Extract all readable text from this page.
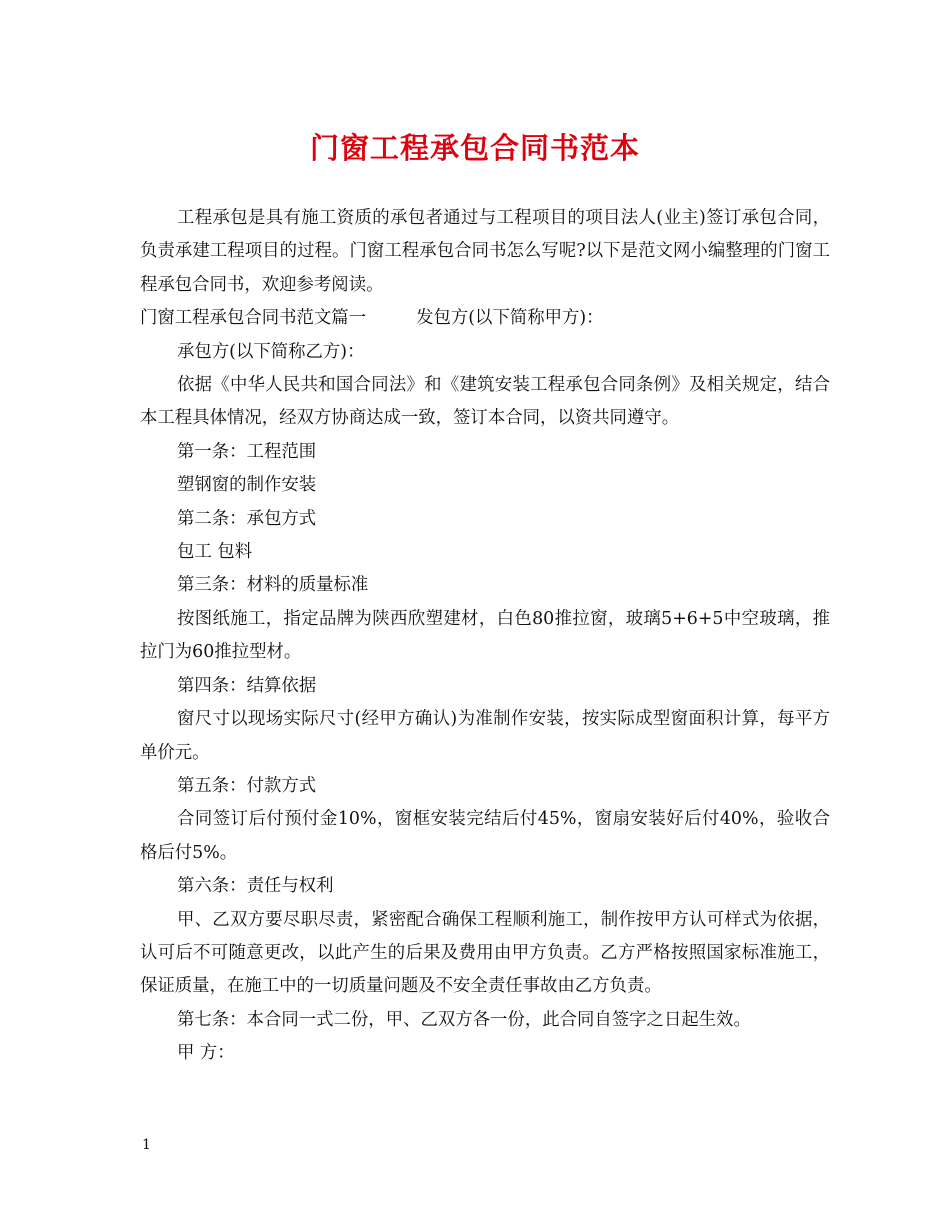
门窗工程承包合同书范本

工程承包是具有施工资质的承包者通过与工程项目的项目法人(业主)签订承包合同，负责承建工程项目的过程。门窗工程承包合同书怎么写呢?以下是范文网小编整理的门窗工程承包合同书，欢迎参考阅读。

门窗工程承包合同书范文篇一	发包方(以下简称甲方)：

承包方(以下简称乙方)：

依据《中华人民共和国合同法》和《建筑安装工程承包合同条例》及相关规定，结合本工程具体情况，经双方协商达成一致，签订本合同，以资共同遵守。

第一条：工程范围

塑钢窗的制作安装

第二条：承包方式

包工 包料

第三条：材料的质量标准

按图纸施工，指定品牌为陕西欣塑建材，白色80推拉窗，玻璃5+6+5中空玻璃，推拉门为60推拉型材。

第四条：结算依据

窗尺寸以现场实际尺寸(经甲方确认)为准制作安装，按实际成型窗面积计算，每平方单价元。

第五条：付款方式

合同签订后付预付金10%，窗框安装完结后付45%，窗扇安装好后付40%，验收合格后付5%。

第六条：责任与权利

甲、乙双方要尽职尽责，紧密配合确保工程顺利施工，制作按甲方认可样式为依据，认可后不可随意更改，以此产生的后果及费用由甲方负责。乙方严格按照国家标准施工，保证质量，在施工中的一切质量问题及不安全责任事故由乙方负责。

第七条：本合同一式二份，甲、乙双方各一份，此合同自签字之日起生效。

甲 方：

1
